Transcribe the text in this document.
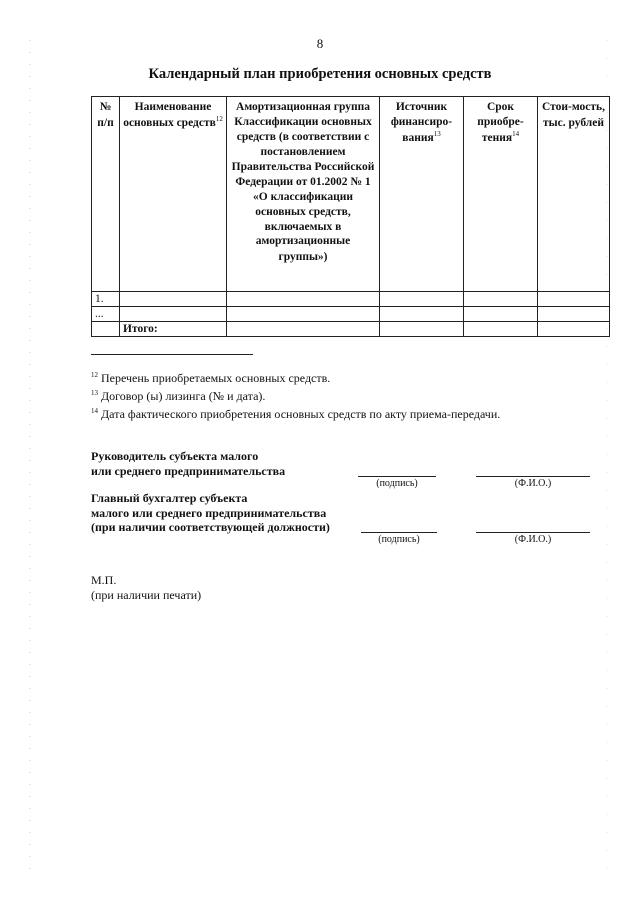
8
Календарный план приобретения основных средств
№ п/п	Наименование основных средств$^{12}$	Амортизационная группа Классификации основных средств (в соответствии с постановлением Правительства Российской Федерации от 01.2002 № 1 «О классификации основных средств, включаемых в амортизационные группы»)	Источник финансиро-вания$^{13}$	Срок приобре-тения$^{14}$	Стои-мость, тыс. рублей
1.					
...					
	Итого:				
$^{12}$ Перечень приобретаемых основных средств.
$^{13}$ Договор (ы) лизинга (№ и дата).
$^{14}$ Дата фактического приобретения основных средств по акту приема-передачи.
Руководитель субъекта малого
или среднего предпринимательства
(подпись)	(Ф.И.О.)
Главный бухгалтер субъекта
малого или среднего предпринимательства
(при наличии соответствующей должности)
(подпись)	(Ф.И.О.)
М.П.
(при наличии печати)
